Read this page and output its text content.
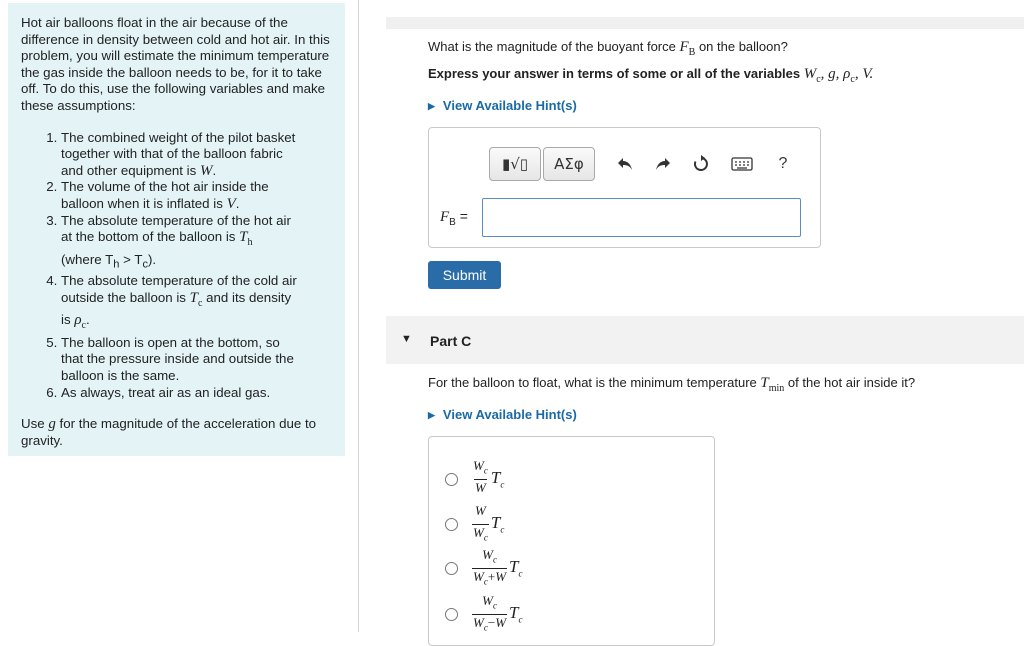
Hot air balloons float in the air because of the difference in density between cold and hot air. In this problem, you will estimate the minimum temperature the gas inside the balloon needs to be, for it to take off. To do this, use the following variables and make these assumptions:

1. The combined weight of the pilot basket together with that of the balloon fabric and other equipment is W.
2. The volume of the hot air inside the balloon when it is inflated is V.
3. The absolute temperature of the hot air at the bottom of the balloon is $T_h$
(where $T_h > T_c$).
4. The absolute temperature of the cold air outside the balloon is $T_c$ and its density is $\rho_c$.
5. The balloon is open at the bottom, so that the pressure inside and outside the balloon is the same.
6. As always, treat air as an ideal gas.

Use g for the magnitude of the acceleration due to gravity.

What is the magnitude of the buoyant force $F_B$ on the balloon?
Express your answer in terms of some or all of the variables $W_c$, g, $\rho_c$, V.
▶ View Available Hint(s)
▮√▯	ΑΣφ	?
$F_B$ =
Submit
▼ Part C
For the balloon to float, what is the minimum temperature $T_{min}$ of the hot air inside it?
▶ View Available Hint(s)
$\frac{W_c}{W} T_c$
$\frac{W}{W_c} T_c$
$\frac{W_c}{W_c+W} T_c$
$\frac{W_c}{W_c-W} T_c$
